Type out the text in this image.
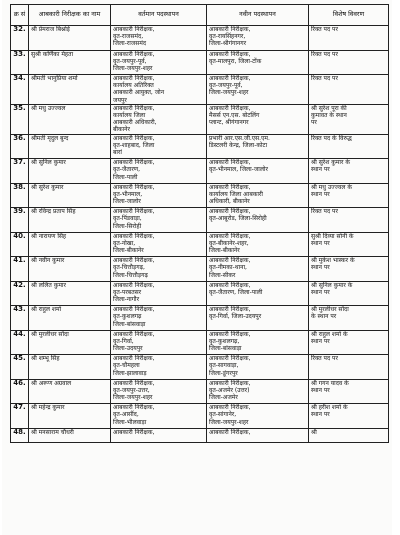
क्र सं	आबकारी निरीक्षक का नाम	वर्तमान पदस्थापन	नवीन पदस्थापन	विशेष विवरण
32.	श्री प्रेमराज बिश्नोई	आबकारी निरीक्षक,
वृत-राजसमंद,
जिला-राजसमंद	आबकारी निरीक्षक,
वृत-रायसिंहनगर,
जिला-श्रीगंगानगर	रिक्त पद पर
33.	सुश्री कर्णिका मेहता	आबकारी निरीक्षक,
वृत-जयपुर-पूर्व,
जिला-जयपुर-शहर	आबकारी निरीक्षक,
वृत-मालपुरा, जिला-टोंक	रिक्त पद पर
34.	श्रीमती भानुप्रिया शर्मा	आबकारी निरीक्षक,
कार्यालय अतिरिक्त
आबकारी आयुक्त, जोन
जयपुर	आबकारी निरीक्षक,
वृत-जयपुर-पूर्व,
जिला-जयपुर-शहर	रिक्त पद पर
35.	श्री मधु उज्ज्वल	आबकारी निरीक्षक,
कार्यालय जिला
आबकारी अधिकारी,
बीकानेर	आबकारी निरीक्षक,
मैसर्स एन.एस. बोटलिंग
प्लान्ट, श्रीगंगानगर	श्री सुरेश पूरा की
कुमावत के स्थान
पर
36.	श्रीमती मृदुल बुन्द	आबकारी निरीक्षक,
वृत-शाहबाद, जिला
बारां	प्रभारी आर.एस.जी.एस.एम.
डिस्टलरी केन्द्र, जिला-कोटा	रिक्त पद के विरुद्ध
37.	श्री सुनिल कुमार	आबकारी निरीक्षक,
वृत-जैतारण,
जिला-पाली	आबकारी निरीक्षक,
वृत-भीनमाल, जिला-जालोर	श्री सुरेश कुमार के
स्थान पर
38.	श्री सुरेश कुमार	आबकारी निरीक्षक,
वृत-भीनमाल,
जिला-जालोर	आबकारी निरीक्षक,
कार्यालय जिला आबकारी
अधिकारी, बीकानेर	श्री मधु उज्ज्वल के
स्थान पर
39.	श्री रविन्द्र प्रताप सिंह	आबकारी निरीक्षक,
वृत-पिंडवाड़ा,
जिला-सिरोही	आबकारी निरीक्षक,
वृत-आबूरोड, जिला-सिरोही	रिक्त पद पर
40.	श्री नारायण सिंह	आबकारी निरीक्षक,
वृत-नोखा,
जिला-बीकानेर	आबकारी निरीक्षक,
वृत-बीकानेर-शहर,
जिला-बीकानेर	सुश्री दिव्या सोनी के
स्थान पर
41.	श्री नवीन कुमार	आबकारी निरीक्षक,
वृत-चित्तौड़गढ़,
जिला-चित्तौड़गढ़	आबकारी निरीक्षक,
वृत-नीमका-थाना,
जिला-सीकर	श्री मुकेश भास्कर के
स्थान पर
42.	श्री ललित कुमार	आबकारी निरीक्षक,
वृत-परबतसर
जिला-नागौर	आबकारी निरीक्षक,
वृत-जैतारण, जिला-पाली	श्री सुनिल कुमार के
स्थान पर
43.	श्री राहुल शर्मा	आबकारी निरीक्षक,
वृत-कुशलगढ़
जिला-बांसवाड़ा	आबकारी निरीक्षक,
वृत-गिर्वा, जिला-उदयपुर	श्री मुरलीधर सोंदा
के स्थान पर
44.	श्री मुरलीधर सोंदा	आबकारी निरीक्षक,
वृत-गिर्वा,
जिला-उदयपुर	आबकारी निरीक्षक,
वृत-कुशलगढ़,
जिला-बांसवाड़ा	श्री राहुल शर्मा के
स्थान पर
45.	श्री शम्भू सिंह	आबकारी निरीक्षक,
वृत-चौमहला
जिला-झालावाड़	आबकारी निरीक्षक,
वृत-सागवाड़ा,
जिला-डूंगरपुर	रिक्त पद पर
46.	श्री अरूण अग्रवाल	आबकारी निरीक्षक,
वृत-जयपुर-उत्तर,
जिला-जयपुर-शहर	आबकारी निरीक्षक,
वृत-अजमेर (उत्तर)
जिला-अजमेर	श्री गगन यादव के
स्थान पर
47.	श्री महेन्द्र कुमार	आबकारी निरीक्षक,
वृत-आसींद,
जिला-भीलवाड़ा	आबकारी निरीक्षक,
वृत-सांगानेर,
जिला-जयपुर-शहर	श्री हरीश शर्मा के
स्थान पर
48.	श्री मनसाराम चौधरी	आबकारी निरीक्षक,	आबकारी निरीक्षक,	श्री
